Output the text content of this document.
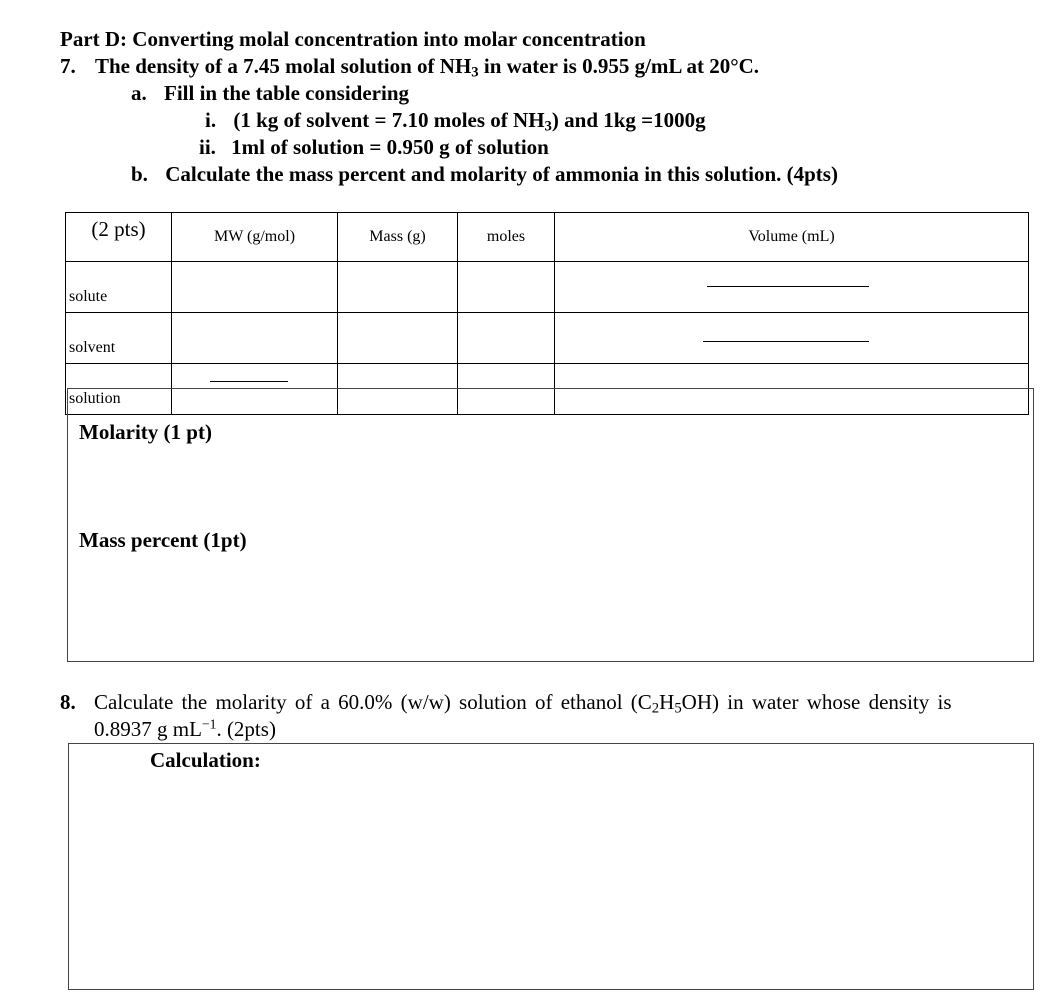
Part D: Converting molal concentration into molar concentration
7. The density of a 7.45 molal solution of $NH_3$ in water is 0.955 g/mL at 20°C.
a. Fill in the table considering
i. (1 kg of solvent = 7.10 moles of $NH_3$) and 1kg =1000g
ii. 1ml of solution = 0.950 g of solution
b. Calculate the mass percent and molarity of ammonia in this solution. (4pts)
(2 pts)	MW (g/mol)	Mass (g)	moles	Volume (mL)
solute				

solvent				

solution	

Molarity (1 pt)
Mass percent (1pt)
8. Calculate the molarity of a 60.0% (w/w) solution of ethanol $(C_2H_5OH)$ in water whose density is
0.8937 g $mL^{-1}$. (2pts)
Calculation:
